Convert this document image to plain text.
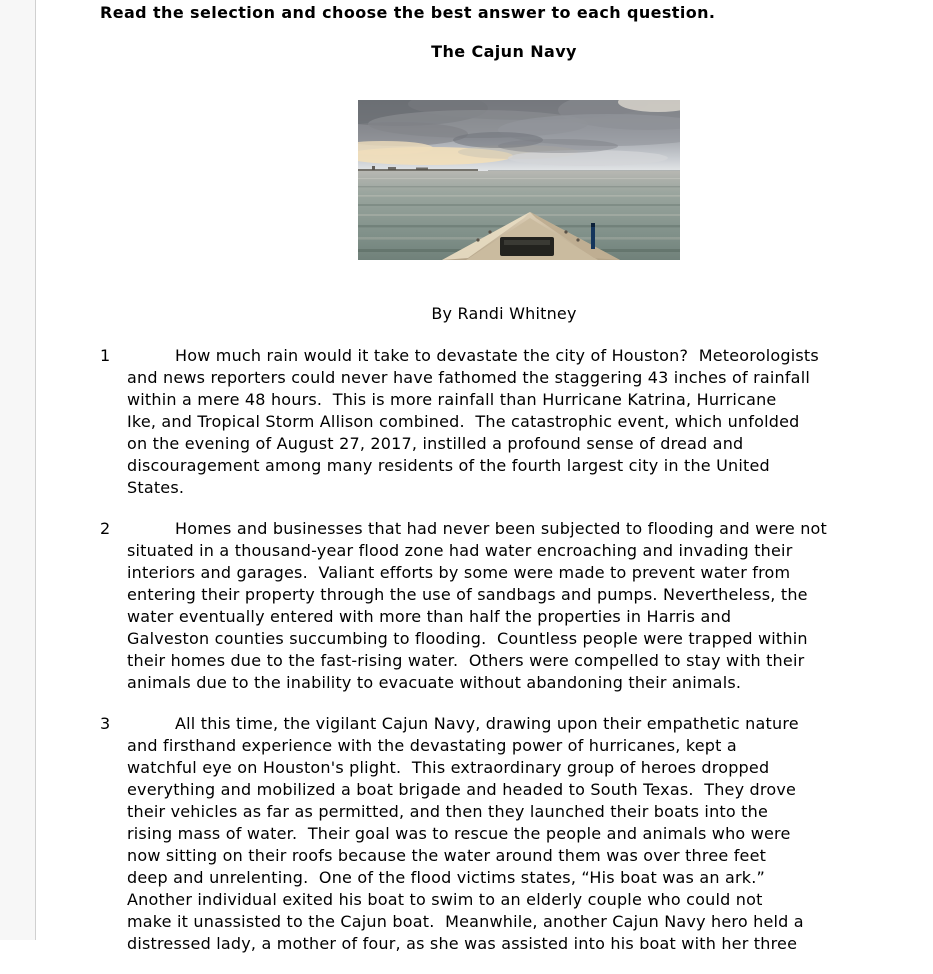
Read the selection and choose the best answer to each question.
The Cajun Navy
By Randi Whitney
1	How much rain would it take to devastate the city of Houston?  Meteorologists
and news reporters could never have fathomed the staggering 43 inches of rainfall
within a mere 48 hours.  This is more rainfall than Hurricane Katrina, Hurricane
Ike, and Tropical Storm Allison combined.  The catastrophic event, which unfolded
on the evening of August 27, 2017, instilled a profound sense of dread and
discouragement among many residents of the fourth largest city in the United
States.
2	Homes and businesses that had never been subjected to flooding and were not
situated in a thousand-year flood zone had water encroaching and invading their
interiors and garages.  Valiant efforts by some were made to prevent water from
entering their property through the use of sandbags and pumps. Nevertheless, the
water eventually entered with more than half the properties in Harris and
Galveston counties succumbing to flooding.  Countless people were trapped within
their homes due to the fast-rising water.  Others were compelled to stay with their
animals due to the inability to evacuate without abandoning their animals.
3	All this time, the vigilant Cajun Navy, drawing upon their empathetic nature
and firsthand experience with the devastating power of hurricanes, kept a
watchful eye on Houston's plight.  This extraordinary group of heroes dropped
everything and mobilized a boat brigade and headed to South Texas.  They drove
their vehicles as far as permitted, and then they launched their boats into the
rising mass of water.  Their goal was to rescue the people and animals who were
now sitting on their roofs because the water around them was over three feet
deep and unrelenting.  One of the flood victims states, “His boat was an ark.”
Another individual exited his boat to swim to an elderly couple who could not
make it unassisted to the Cajun boat.  Meanwhile, another Cajun Navy hero held a
distressed lady, a mother of four, as she was assisted into his boat with her three
